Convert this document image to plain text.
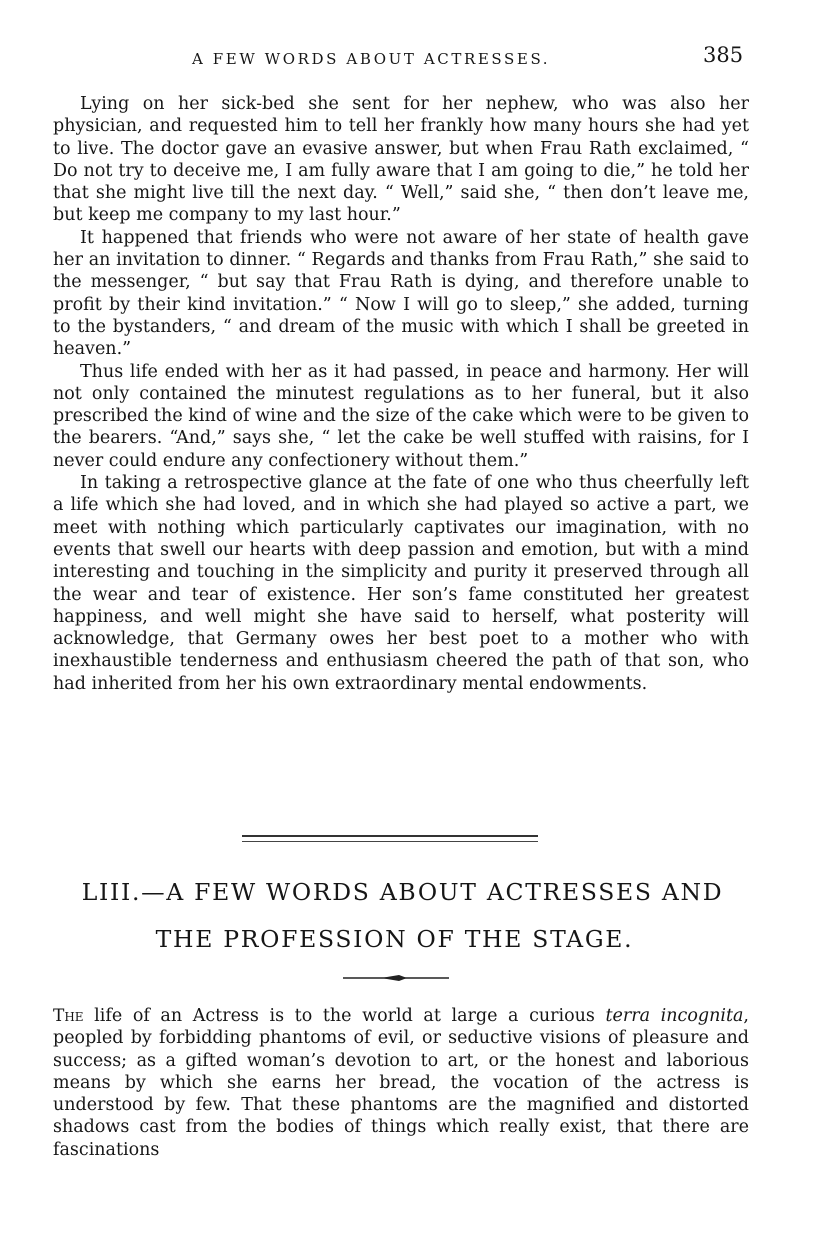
A FEW WORDS ABOUT ACTRESSES.	385

Lying on her sick-bed she sent for her nephew, who was also her physician, and requested him to tell her frankly how many hours she had yet to live. The doctor gave an evasive answer, but when Frau Rath exclaimed, “ Do not try to deceive me, I am fully aware that I am going to die,” he told her that she might live till the next day. “ Well,” said she, “ then don’t leave me, but keep me company to my last hour.”

It happened that friends who were not aware of her state of health gave her an invitation to dinner. “ Regards and thanks from Frau Rath,” she said to the messenger, “ but say that Frau Rath is dying, and therefore unable to profit by their kind invitation.” “ Now I will go to sleep,” she added, turning to the bystanders, “ and dream of the music with which I shall be greeted in heaven.”

Thus life ended with her as it had passed, in peace and harmony. Her will not only contained the minutest regulations as to her funeral, but it also prescribed the kind of wine and the size of the cake which were to be given to the bearers. “And,” says she, “ let the cake be well stuffed with raisins, for I never could endure any confectionery without them.”

In taking a retrospective glance at the fate of one who thus cheerfully left a life which she had loved, and in which she had played so active a part, we meet with nothing which particularly captivates our imagination, with no events that swell our hearts with deep passion and emotion, but with a mind interesting and touching in the simplicity and purity it preserved through all the wear and tear of existence. Her son’s fame constituted her greatest happiness, and well might she have said to herself, what posterity will acknowledge, that Germany owes her best poet to a mother who with inexhaustible tenderness and enthusiasm cheered the path of that son, who had inherited from her his own extraordinary mental endowments.

LIII.—A FEW WORDS ABOUT ACTRESSES AND
THE PROFESSION OF THE STAGE.

The life of an Actress is to the world at large a curious terra incognita, peopled by forbidding phantoms of evil, or seductive visions of pleasure and success; as a gifted woman’s devotion to art, or the honest and laborious means by which she earns her bread, the vocation of the actress is understood by few. That these phantoms are the magnified and distorted shadows cast from the bodies of things which really exist, that there are fascinations
